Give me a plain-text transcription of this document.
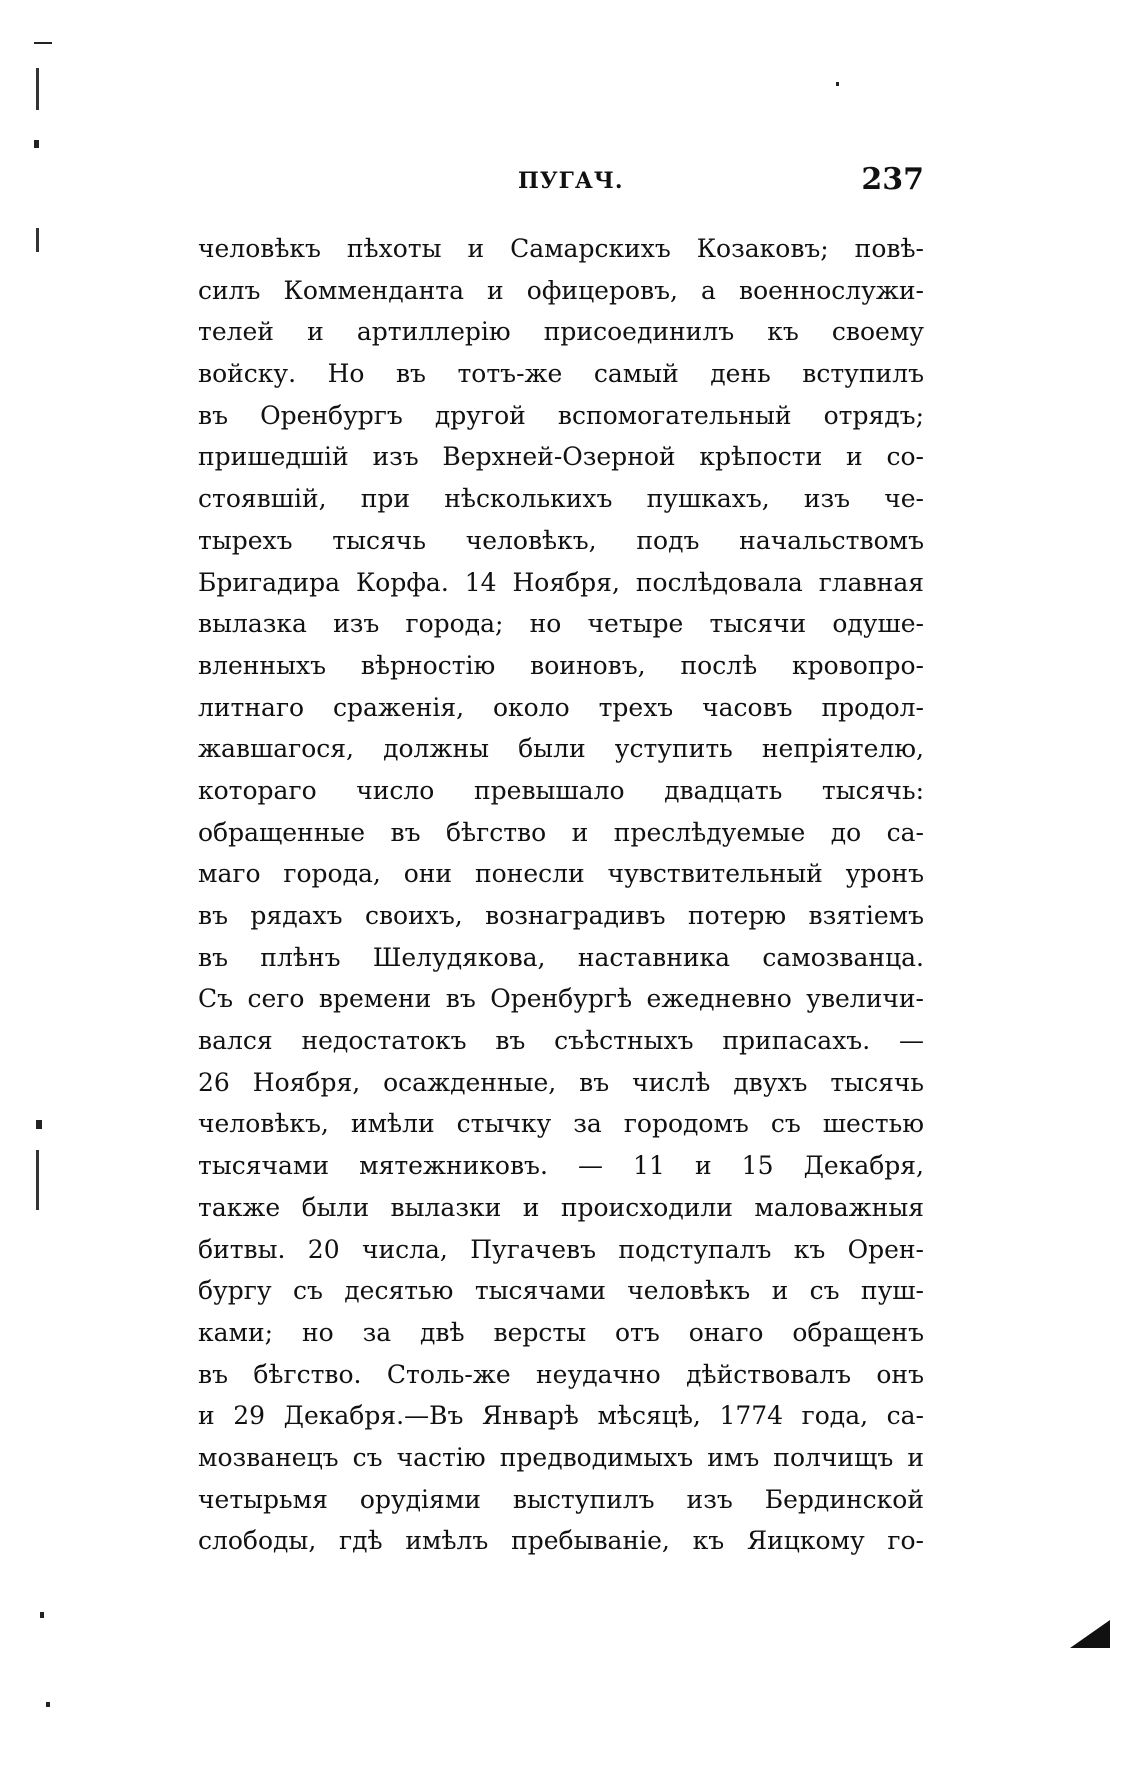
ПУГАЧ.	237
человѣкъ пѣхоты и Самарскихъ Козаковъ; повѣ-
силъ Коммендантa и офицеровъ, а военнослужи-
телей и артиллерію присоединилъ къ своему
войску. Но въ тотъ-же самый день вступилъ
въ Оренбургъ другой вспомогательный отрядъ;
пришедшій изъ Верхней-Озерной крѣпости и со-
стоявшій, при нѣсколькихъ пушкахъ, изъ че-
тырехъ тысячь человѣкъ, подъ начальствомъ
Бригадира Корфа. 14 Ноября, послѣдовала главная
вылазка изъ города; но четыре тысячи одуше-
вленныхъ вѣрностію воиновъ, послѣ кровопро-
литнаго сраженія, около трехъ часовъ продол-
жавшагося, должны были уступить непріятелю,
котораго число превышало двадцать тысячь:
обращенные въ бѣгство и преслѣдуемые до са-
маго города, они понесли чувствительный уронъ
въ рядахъ своихъ, вознаградивъ потерю взятіемъ
въ плѣнъ Шелудякова, наставника самозванца.
Съ сего времени въ Оренбургѣ ежедневно увеличи-
вался недостатокъ въ съѣстныхъ припасахъ. —
26 Ноября, осажденные, въ числѣ двухъ тысячь
человѣкъ, имѣли стычку за городомъ съ шестью
тысячами мятежниковъ. — 11 и 15 Декабря,
также были вылазки и происходили маловажныя
битвы. 20 числа, Пугачевъ подступалъ къ Орен-
бургу съ десятью тысячами человѣкъ и съ пуш-
ками; но за двѣ версты отъ онаго обращенъ
въ бѣгство. Столь-же неудачно дѣйствовалъ онъ
и 29 Декабря.—Въ Январѣ мѣсяцѣ, 1774 года, са-
мозванецъ съ частію предводимыхъ имъ полчищъ и
четырьмя орудіями выступилъ изъ Бердинской
слободы, гдѣ имѣлъ пребываніе, къ Яицкому го-
